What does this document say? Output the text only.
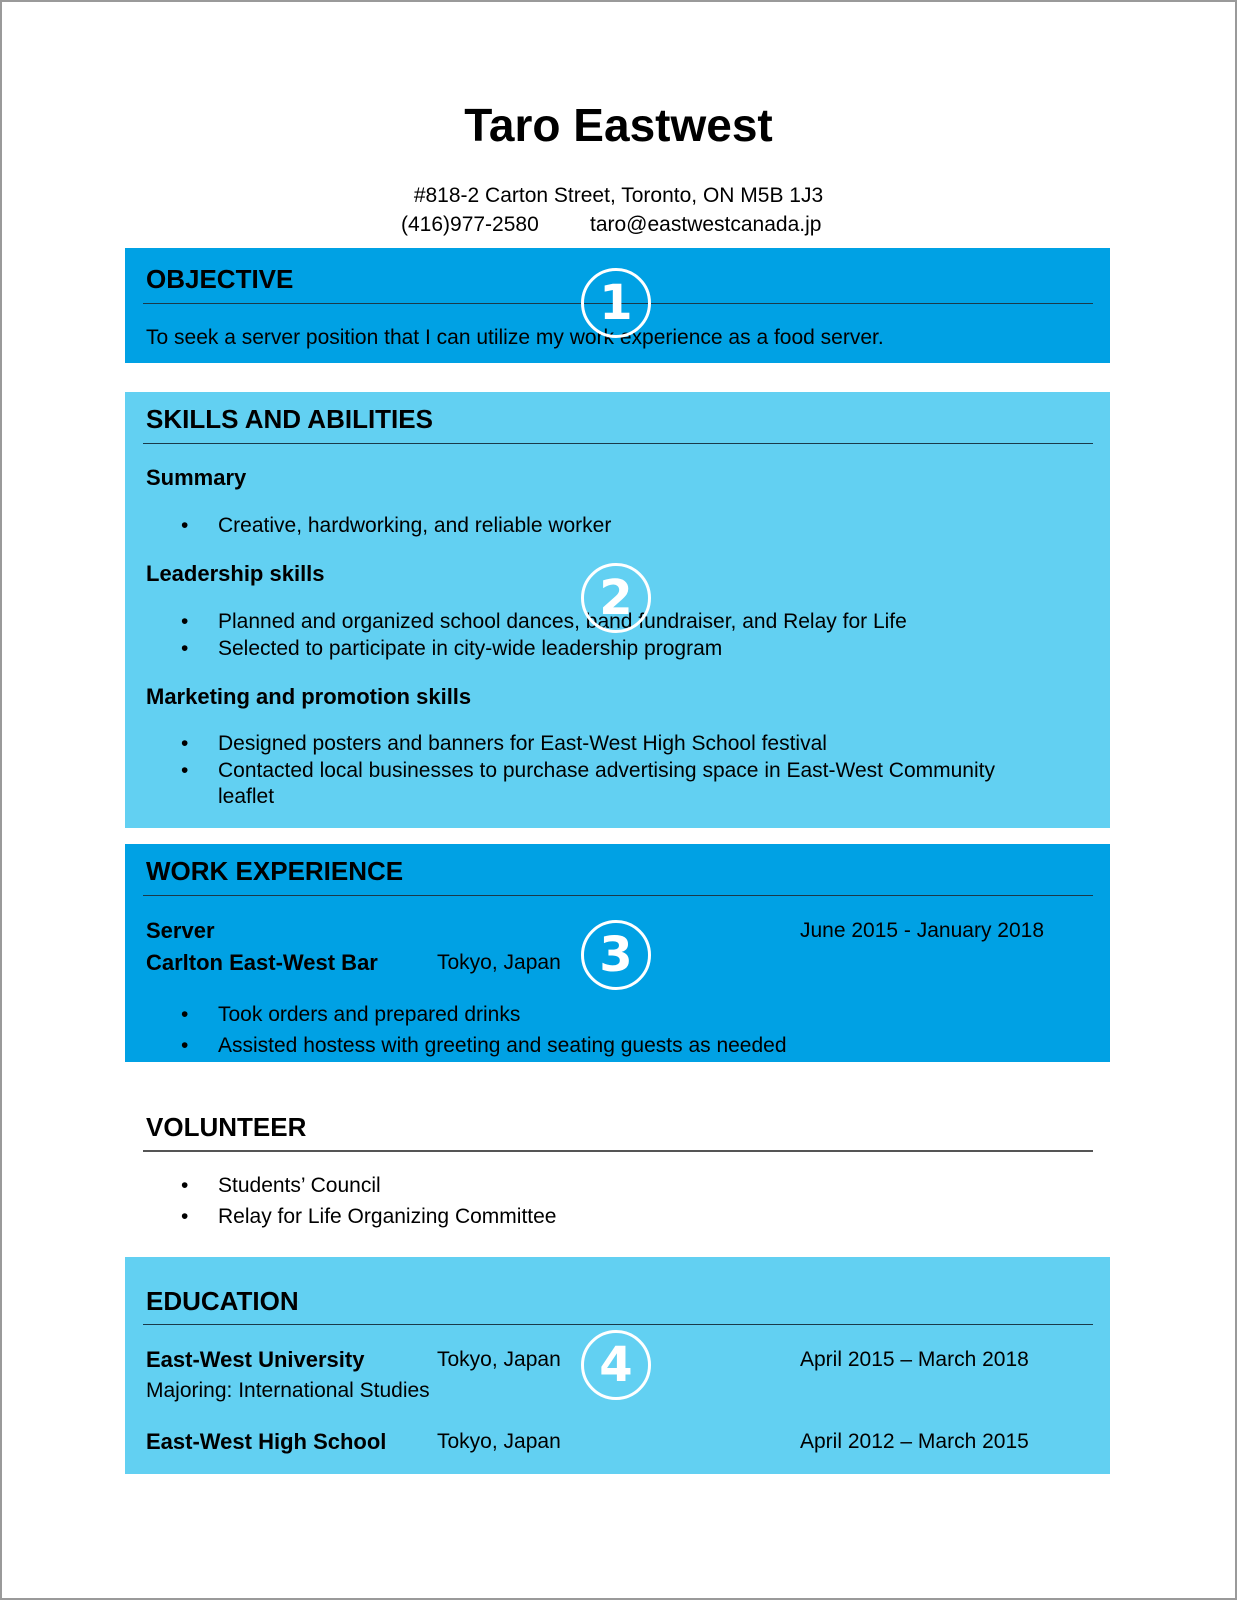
Taro Eastwest
#818-2 Carton Street, Toronto, ON M5B 1J3
(416)977-2580 taro@eastwestcanada.jp
OBJECTIVE
To seek a server position that I can utilize my work experience as a food server.
1
SKILLS AND ABILITIES
Summary
• Creative, hardworking, and reliable worker
Leadership skills
• Planned and organized school dances, band fundraiser, and Relay for Life
• Selected to participate in city-wide leadership program
Marketing and promotion skills
• Designed posters and banners for East-West High School festival
• Contacted local businesses to purchase advertising space in East-West Community
leaflet
2
WORK EXPERIENCE
Server	June 2015 - January 2018
Carlton East-West Bar	Tokyo, Japan
• Took orders and prepared drinks
• Assisted hostess with greeting and seating guests as needed
3
VOLUNTEER
• Students’ Council
• Relay for Life Organizing Committee
EDUCATION
East-West University	Tokyo, Japan	April 2015 – March 2018
Majoring: International Studies
East-West High School Tokyo, Japan	April 2012 – March 2015
4
